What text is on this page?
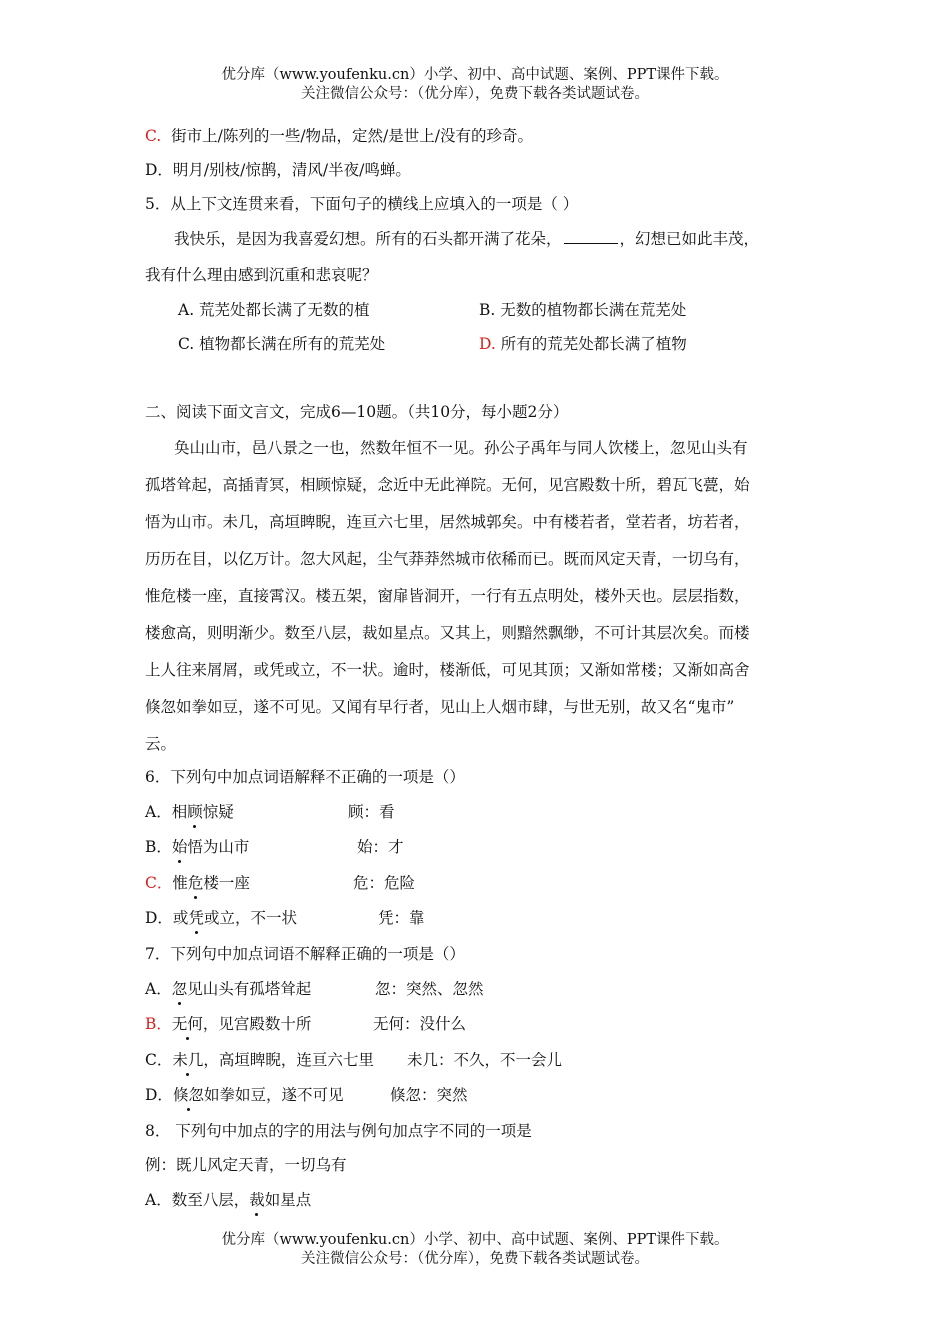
优分库（www.youfenku.cn）小学、初中、高中试题、案例、PPT课件下载。
关注微信公众号：（优分库），免费下载各类试题试卷。
C. 街市上/陈列的一些/物品，定然/是世上/没有的珍奇。
D．明月/别枝/惊鹊，清风/半夜/鸣蝉。
5．从上下文连贯来看，下面句子的横线上应填入的一项是（ ）
我快乐，是因为我喜爱幻想。所有的石头都开满了花朵，	，幻想已如此丰茂，
我有什么理由感到沉重和悲哀呢？
A. 荒芜处都长满了无数的植	B. 无数的植物都长满在荒芜处
C. 植物都长满在所有的荒芜处	D. 所有的荒芜处都长满了植物
二、阅读下面文言文，完成6—10题。（共10分，每小题2分）
奂山山市，邑八景之一也，然数年恒不一见。孙公子禹年与同人饮楼上，忽见山头有
孤塔耸起，高插青冥，相顾惊疑，念近中无此禅院。无何，见宫殿数十所，碧瓦飞甍，始
悟为山市。未几，高垣睥睨，连亘六七里，居然城郭矣。中有楼若者，堂若者，坊若者，
历历在目，以亿万计。忽大风起，尘气莽莽然城市依稀而已。既而风定天青，一切乌有，
惟危楼一座，直接霄汉。楼五架，窗扉皆洞开，一行有五点明处，楼外天也。层层指数，
楼愈高，则明渐少。数至八层，裁如星点。又其上，则黯然飘缈，不可计其层次矣。而楼
上人往来屑屑，或凭或立，不一状。逾时，楼渐低，可见其顶；又渐如常楼；又渐如高舍
倏忽如拳如豆，遂不可见。又闻有早行者，见山上人烟市肆，与世无别，故又名“鬼市”
云。
6．下列句中加点词语解释不正确的一项是（）
A．相顾惊疑	顾：看
B．始悟为山市	始：才
C．惟危楼一座	危：危险
D．或凭或立，不一状	凭：靠
7．下列句中加点词语不解释正确的一项是（）
A．忽见山头有孤塔耸起	忽：突然、忽然
B．无何，见宫殿数十所	无何：没什么
C．未几，高垣睥睨，连亘六七里 未几：不久，不一会儿
D．倏忽如拳如豆，遂不可见	倏忽：突然
8． 下列句中加点的字的用法与例句加点字不同的一项是
例：既儿风定天青，一切乌有
A．数至八层，裁如星点
优分库（www.youfenku.cn）小学、初中、高中试题、案例、PPT课件下载。
关注微信公众号：（优分库），免费下载各类试题试卷。
